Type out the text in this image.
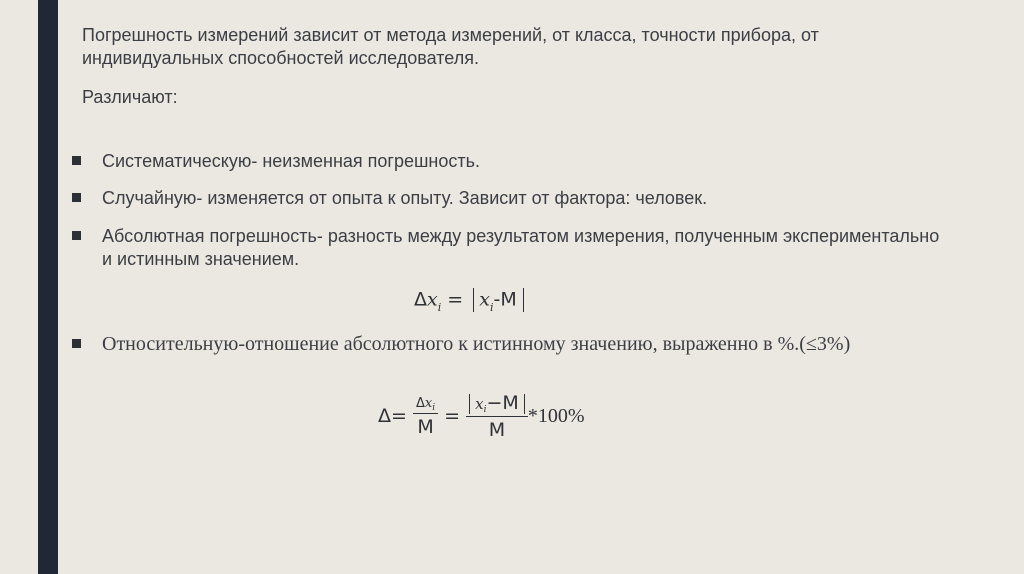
Погрешность измерений зависит от метода измерений, от класса, точности прибора, от индивидуальных способностей исследователя.
Различают:
Систематическую- неизменная погрешность.
Случайную- изменяется от опыта к опыту. Зависит от фактора: человек.
Абсолютная погрешность- разность между результатом измерения, полученным экспериментально и истинным значением.
$\Delta x_i = x_i-М$
Относительную-отношение абсолютного к истинному значению, выраженно в %.(≤3%)
$\Delta= \frac{\Delta x_i}{М} = \frac{xi-М}{М} *100\%$
